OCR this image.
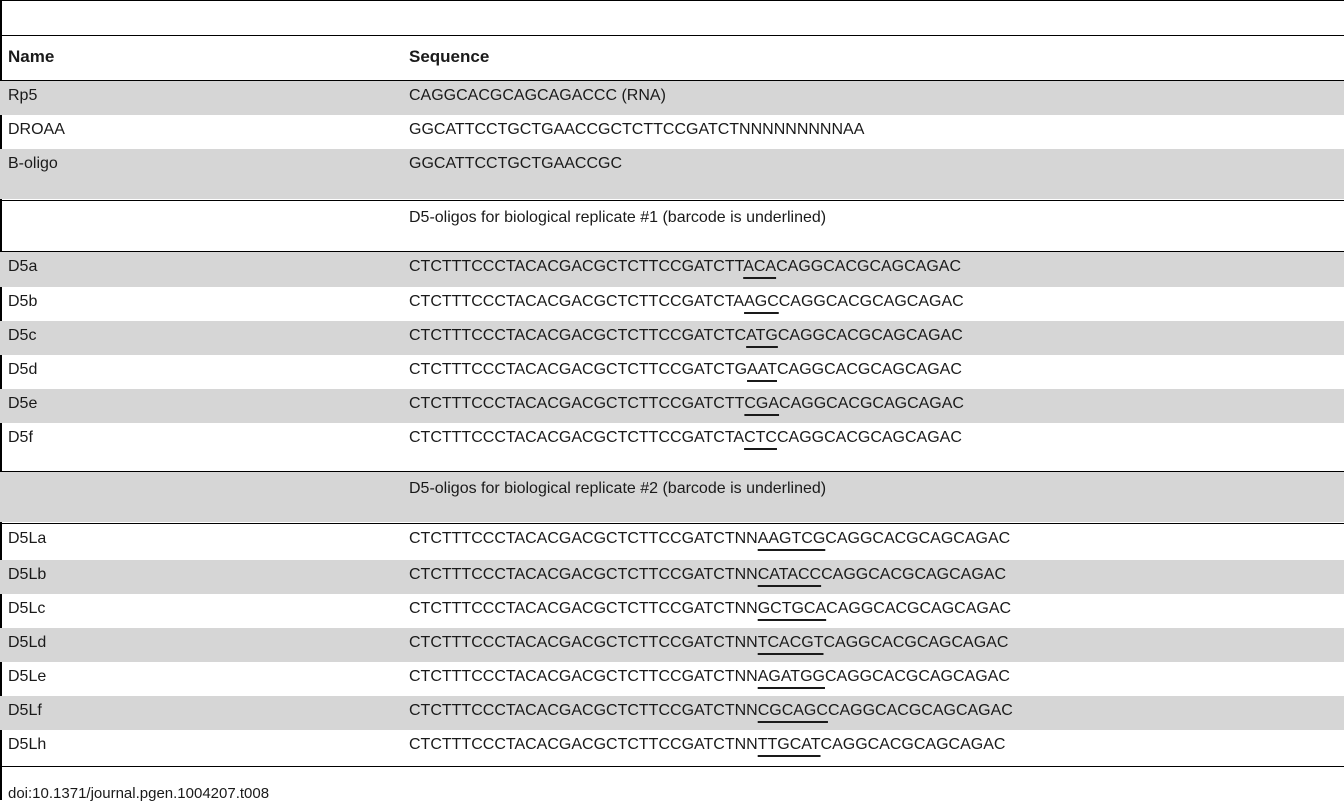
Name	Sequence
Rp5	CAGGCACGCAGCAGACCC (RNA)
DROAA	GGCATTCCTGCTGAACCGCTCTTCCGATCTNNNNNNNNNAA
B-oligo	GGCATTCCTGCTGAACCGC
D5-oligos for biological replicate #1 (barcode is underlined)
D5a	CTCTTTCCCTACACGACGCTCTTCCGATCTTACACAGGCACGCAGCAGAC
D5b	CTCTTTCCCTACACGACGCTCTTCCGATCTAAGCCAGGCACGCAGCAGAC
D5c	CTCTTTCCCTACACGACGCTCTTCCGATCTCATGCAGGCACGCAGCAGAC
D5d	CTCTTTCCCTACACGACGCTCTTCCGATCTGAATCAGGCACGCAGCAGAC
D5e	CTCTTTCCCTACACGACGCTCTTCCGATCTTCGACAGGCACGCAGCAGAC
D5f	CTCTTTCCCTACACGACGCTCTTCCGATCTACTCCAGGCACGCAGCAGAC
D5-oligos for biological replicate #2 (barcode is underlined)
D5La	CTCTTTCCCTACACGACGCTCTTCCGATCTNNAAGTCGCAGGCACGCAGCAGAC
D5Lb	CTCTTTCCCTACACGACGCTCTTCCGATCTNNCATACCCAGGCACGCAGCAGAC
D5Lc	CTCTTTCCCTACACGACGCTCTTCCGATCTNNGCTGCACAGGCACGCAGCAGAC
D5Ld	CTCTTTCCCTACACGACGCTCTTCCGATCTNNTCACGTCAGGCACGCAGCAGAC
D5Le	CTCTTTCCCTACACGACGCTCTTCCGATCTNNAGATGGCAGGCACGCAGCAGAC
D5Lf	CTCTTTCCCTACACGACGCTCTTCCGATCTNNCGCAGCCAGGCACGCAGCAGAC
D5Lh	CTCTTTCCCTACACGACGCTCTTCCGATCTNNTTGCATCAGGCACGCAGCAGAC
doi:10.1371/journal.pgen.1004207.t008
